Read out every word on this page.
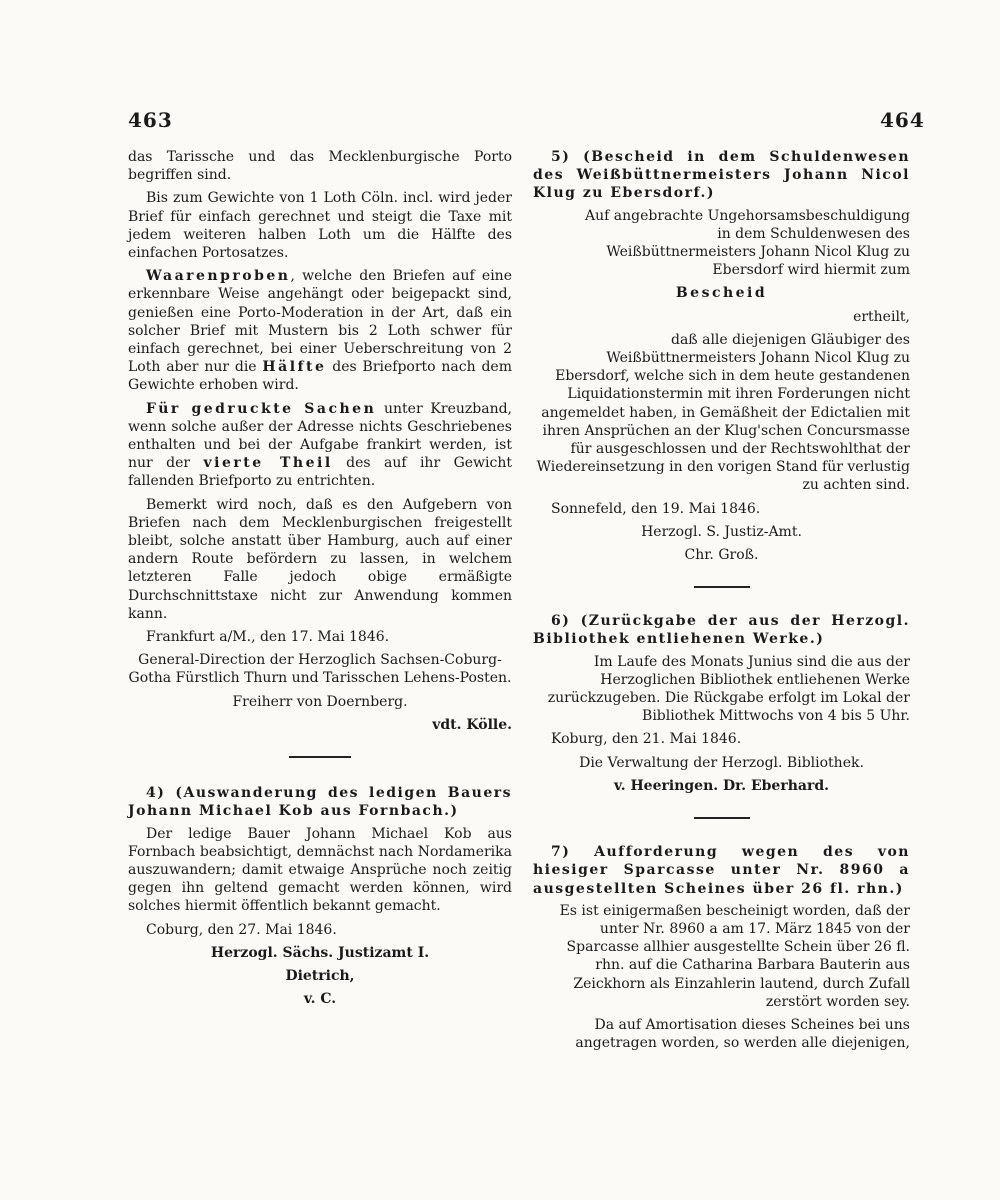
463	464

das Tarissche und das Mecklenburgische Porto begriffen sind.

Bis zum Gewichte von 1 Loth Cöln. incl. wird jeder Brief für einfach gerechnet und steigt die Taxe mit jedem weiteren halben Loth um die Hälfte des einfachen Portosatzes.

Waarenproben, welche den Briefen auf eine erkennbare Weise angehängt oder beigepackt sind, genießen eine Porto-Moderation in der Art, daß ein solcher Brief mit Mustern bis 2 Loth schwer für einfach gerechnet, bei einer Ueberschreitung von 2 Loth aber nur die Hälfte des Briefporto nach dem Gewichte erhoben wird.

Für gedruckte Sachen unter Kreuzband, wenn solche außer der Adresse nichts Geschriebenes enthalten und bei der Aufgabe frankirt werden, ist nur der vierte Theil des auf ihr Gewicht fallenden Briefporto zu entrichten.

Bemerkt wird noch, daß es den Aufgebern von Briefen nach dem Mecklenburgischen freigestellt bleibt, solche anstatt über Hamburg, auch auf einer andern Route befördern zu lassen, in welchem letzteren Falle jedoch obige ermäßigte Durchschnittstaxe nicht zur Anwendung kommen kann.

Frankfurt a/M., den 17. Mai 1846.

General-Direction der Herzoglich Sachsen-Coburg-Gotha Fürstlich Thurn und Tarisschen Lehens-Posten.

Freiherr von Doernberg.

vdt. Kölle.

4) (Auswanderung des ledigen Bauers Johann Michael Kob aus Fornbach.)

Der ledige Bauer Johann Michael Kob aus Fornbach beabsichtigt, demnächst nach Nordamerika auszuwandern; damit etwaige Ansprüche noch zeitig gegen ihn geltend gemacht werden können, wird solches hiermit öffentlich bekannt gemacht.

Coburg, den 27. Mai 1846.

Herzogl. Sächs. Justizamt I.

Dietrich,

v. C.

5) (Bescheid in dem Schuldenwesen des Weißbüttnermeisters Johann Nicol Klug zu Ebersdorf.)

Auf angebrachte Ungehorsamsbeschuldigung in dem Schuldenwesen des Weißbüttnermeisters Johann Nicol Klug zu Ebersdorf wird hiermit zum

Bescheid

ertheilt,

daß alle diejenigen Gläubiger des Weißbüttnermeisters Johann Nicol Klug zu Ebersdorf, welche sich in dem heute gestandenen Liquidationstermin mit ihren Forderungen nicht angemeldet haben, in Gemäßheit der Edictalien mit ihren Ansprüchen an der Klug'schen Concursmasse für ausgeschlossen und der Rechtswohlthat der Wiedereinsetzung in den vorigen Stand für verlustig zu achten sind.

Sonnefeld, den 19. Mai 1846.

Herzogl. S. Justiz-Amt.

Chr. Groß.

6) (Zurückgabe der aus der Herzogl. Bibliothek entliehenen Werke.)

Im Laufe des Monats Junius sind die aus der Herzoglichen Bibliothek entliehenen Werke zurückzugeben. Die Rückgabe erfolgt im Lokal der Bibliothek Mittwochs von 4 bis 5 Uhr.

Koburg, den 21. Mai 1846.

Die Verwaltung der Herzogl. Bibliothek.

v. Heeringen. Dr. Eberhard.

7) Aufforderung wegen des von hiesiger Sparcasse unter Nr. 8960 a ausgestellten Scheines über 26 fl. rhn.)

Es ist einigermaßen bescheinigt worden, daß der unter Nr. 8960 a am 17. März 1845 von der Sparcasse allhier ausgestellte Schein über 26 fl. rhn. auf die Catharina Barbara Bauterin aus Zeickhorn als Einzahlerin lautend, durch Zufall zerstört worden sey.

Da auf Amortisation dieses Scheines bei uns angetragen worden, so werden alle diejenigen,
